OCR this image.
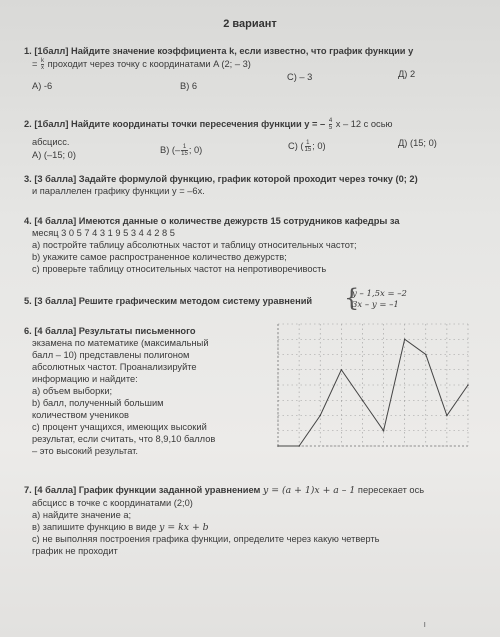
2 вариант
1. [1балл] Найдите значение коэффициента k, если известно, что график функции у
= $\frac{k}{x}$ проходит через точку с координатами A (2; – 3)
А) -6	В) 6
С) – 3	Д) 2
2. [1балл] Найдите координаты точки пересечения функции у = – $\frac{4}{5}$ x – 12 с осью
абсцисс.
А) (–15; 0)
В) (– $\frac{1}{15}$ ; 0)	С) ( $\frac{1}{15}$ ; 0)	Д) (15; 0)
3. [3 балла] Задайте формулой функцию, график которой проходит через точку (0; 2)
и параллелен графику функции у = –6х.
4. [4 балла] Имеются данные о количестве дежурств 15 сотрудников кафедры за
месяц 3 0 5 7 4 3 1 9 5 3 4 4 2 8 5
а) постройте таблицу абсолютных частот и таблицу относительных частот;
b) укажите самое распространенное количество дежурств;
с) проверьте таблицу относительных частот на непротиворечивость
5. [3 балла] Решите графическим методом систему уравнений {
y – 1,5x = –2
3x – y = –1
6. [4 балла] Результаты письменного
экзамена по математике (максимальный
балл – 10) представлены полигоном
абсолютных частот. Проанализируйте
информацию и найдите:
а) объем выборки;
b) балл, полученный большим
количеством учеников
с) процент учащихся, имеющих высокий
результат, если считать, что 8,9,10 баллов
– это высокий результат.
7. [4 балла] График функции заданной уравнением y = (a + 1)x + a – 1 пересекает ось
абсцисс в точке с координатами (2;0)
а) найдите значение а;
в) запишите функцию в виде y = kx + b
с) не выполняя построения графика функции, определите через какую четверть
график не проходит
ı
